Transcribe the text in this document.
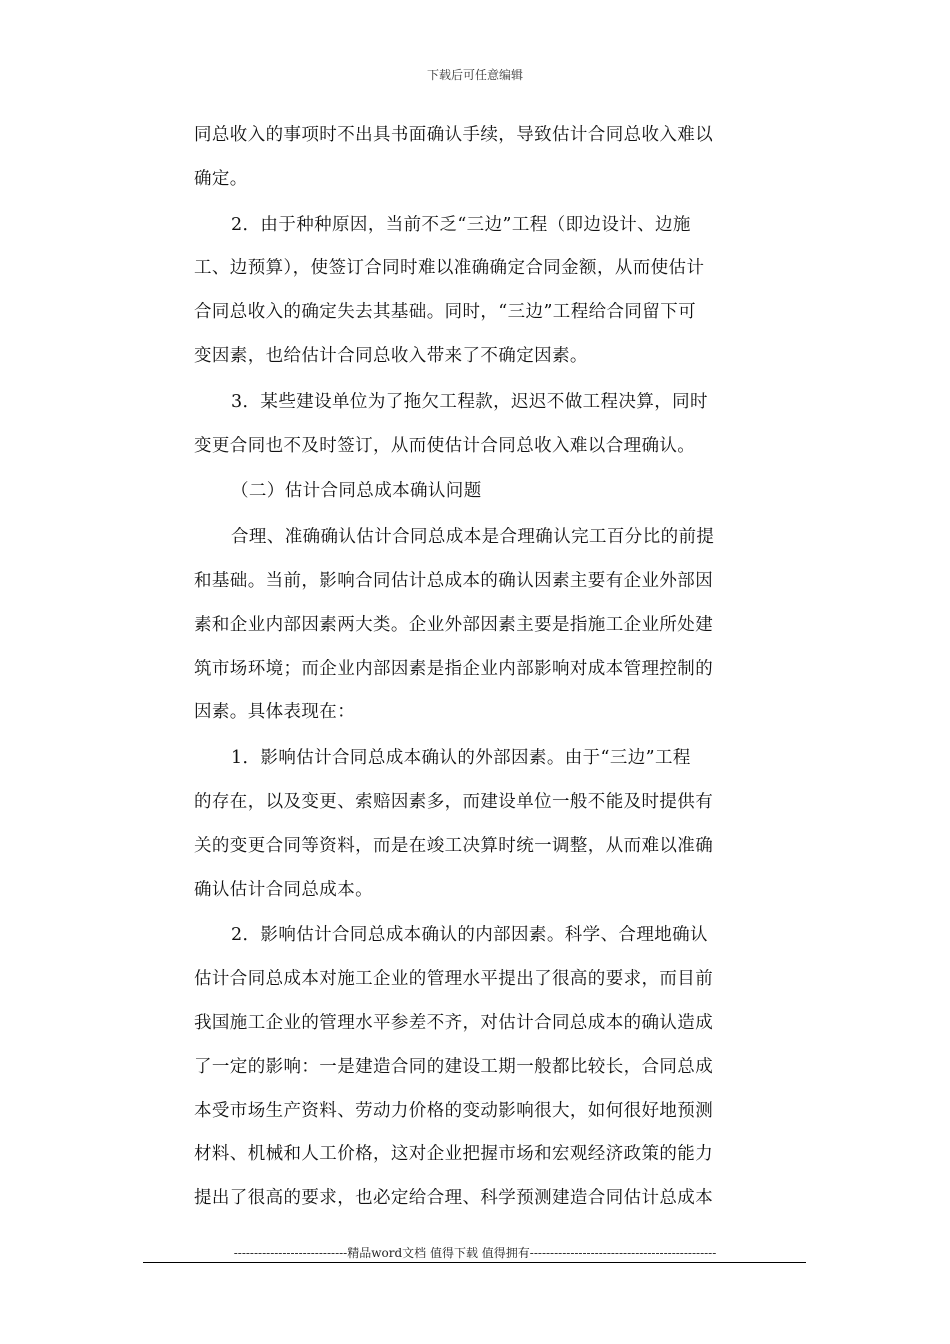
下载后可任意编辑

同总收入的事项时不出具书面确认手续，导致估计合同总收入难以
确定。

2．由于种种原因，当前不乏“三边”工程（即边设计、边施
工、边预算），使签订合同时难以准确确定合同金额，从而使估计
合同总收入的确定失去其基础。同时，“三边”工程给合同留下可
变因素，也给估计合同总收入带来了不确定因素。

3．某些建设单位为了拖欠工程款，迟迟不做工程决算，同时
变更合同也不及时签订，从而使估计合同总收入难以合理确认。

（二）估计合同总成本确认问题

合理、准确确认估计合同总成本是合理确认完工百分比的前提
和基础。当前，影响合同估计总成本的确认因素主要有企业外部因
素和企业内部因素两大类。企业外部因素主要是指施工企业所处建
筑市场环境；而企业内部因素是指企业内部影响对成本管理控制的
因素。具体表现在：

1．影响估计合同总成本确认的外部因素。由于“三边”工程
的存在，以及变更、索赔因素多，而建设单位一般不能及时提供有
关的变更合同等资料，而是在竣工决算时统一调整，从而难以准确
确认估计合同总成本。

2．影响估计合同总成本确认的内部因素。科学、合理地确认
估计合同总成本对施工企业的管理水平提出了很高的要求，而目前
我国施工企业的管理水平参差不齐，对估计合同总成本的确认造成
了一定的影响：一是建造合同的建设工期一般都比较长，合同总成
本受市场生产资料、劳动力价格的变动影响很大，如何很好地预测
材料、机械和人工价格，这对企业把握市场和宏观经济政策的能力
提出了很高的要求，也必定给合理、科学预测建造合同估计总成本

----------------------------精品word文档 值得下载 值得拥有----------------------------------------------
